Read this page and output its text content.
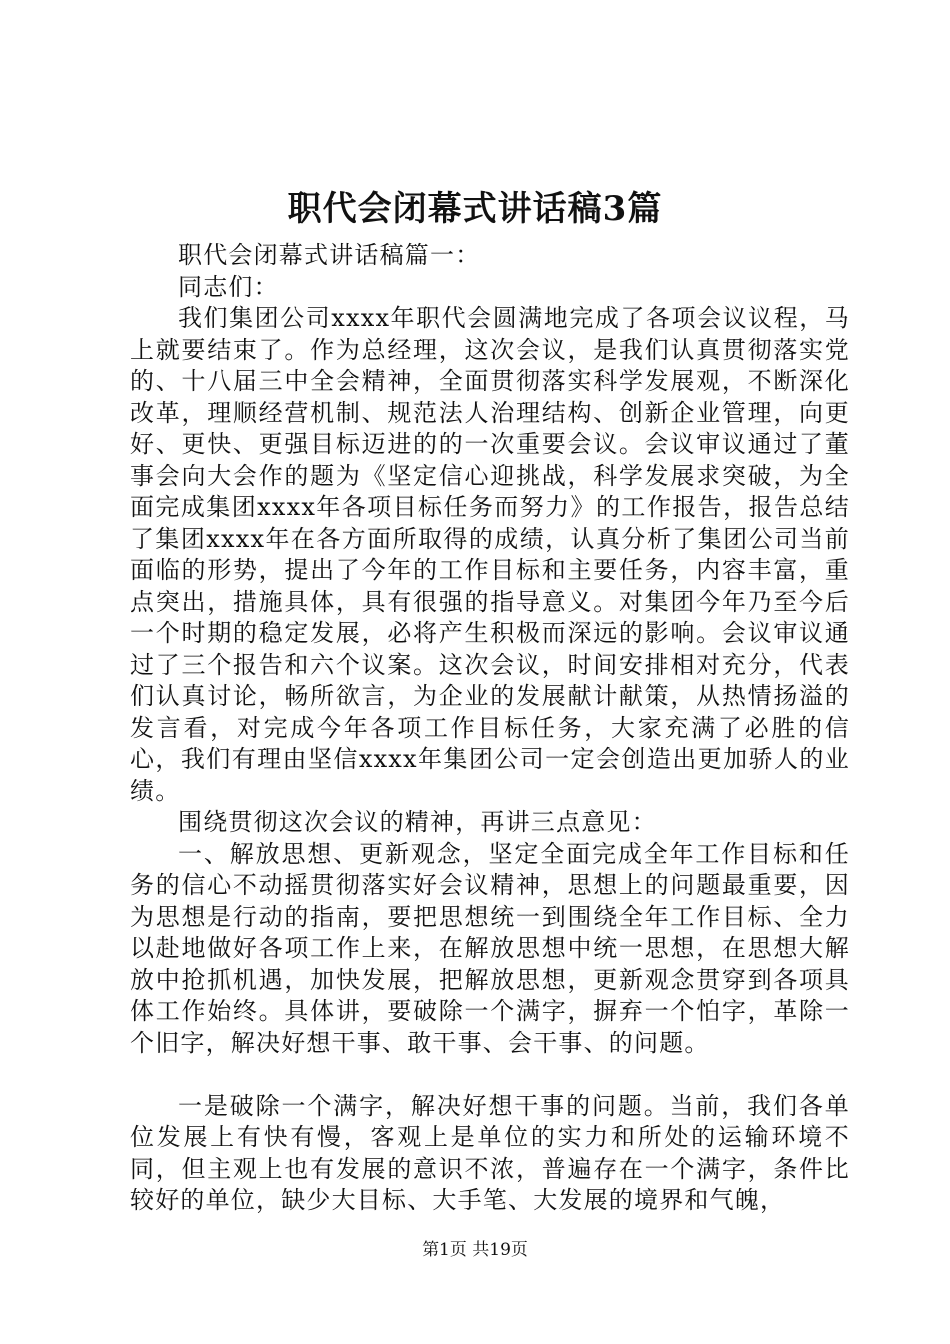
职代会闭幕式讲话稿3篇

职代会闭幕式讲话稿篇一：

同志们：

我们集团公司xxxx年职代会圆满地完成了各项会议议程，马上就要结束了。作为总经理，这次会议，是我们认真贯彻落实党的、十八届三中全会精神，全面贯彻落实科学发展观，不断深化改革，理顺经营机制、规范法人治理结构、创新企业管理，向更好、更快、更强目标迈进的的一次重要会议。会议审议通过了董事会向大会作的题为《坚定信心迎挑战，科学发展求突破，为全面完成集团xxxx年各项目标任务而努力》的工作报告，报告总结了集团xxxx年在各方面所取得的成绩，认真分析了集团公司当前面临的形势，提出了今年的工作目标和主要任务，内容丰富，重点突出，措施具体，具有很强的指导意义。对集团今年乃至今后一个时期的稳定发展，必将产生积极而深远的影响。会议审议通过了三个报告和六个议案。这次会议，时间安排相对充分，代表们认真讨论，畅所欲言，为企业的发展献计献策，从热情扬溢的发言看，对完成今年各项工作目标任务，大家充满了必胜的信心，我们有理由坚信xxxx年集团公司一定会创造出更加骄人的业绩。

围绕贯彻这次会议的精神，再讲三点意见：

一、解放思想、更新观念，坚定全面完成全年工作目标和任务的信心不动摇贯彻落实好会议精神，思想上的问题最重要，因为思想是行动的指南，要把思想统一到围绕全年工作目标、全力以赴地做好各项工作上来，在解放思想中统一思想，在思想大解放中抢抓机遇，加快发展，把解放思想，更新观念贯穿到各项具体工作始终。具体讲，要破除一个满字，摒弃一个怕字，革除一个旧字，解决好想干事、敢干事、会干事、的问题。

一是破除一个满字，解决好想干事的问题。当前，我们各单位发展上有快有慢，客观上是单位的实力和所处的运输环境不同，但主观上也有发展的意识不浓，普遍存在一个满字，条件比较好的单位，缺少大目标、大手笔、大发展的境界和气魄，

第1页 共19页
